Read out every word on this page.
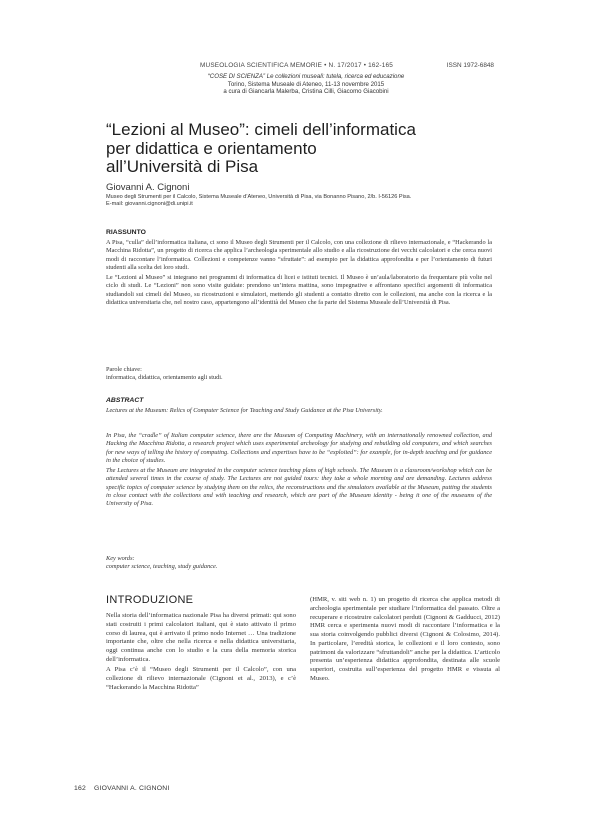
MUSEOLOGIA SCIENTIFICA MEMORIE • N. 17/2017 • 162-165	ISSN 1972-6848
“COSE DI SCIENZA” Le collezioni museali: tutela, ricerca ed educazione
Torino, Sistema Museale di Ateneo, 11-13 novembre 2015
a cura di Giancarla Malerba, Cristina Cilli, Giacomo Giacobini
“Lezioni al Museo”: cimeli dell’informatica
per didattica e orientamento
all’Università di Pisa
Giovanni A. Cignoni
Museo degli Strumenti per il Calcolo, Sistema Museale d’Ateneo, Università di Pisa, via Bonanno Pisano, 2/b. I-56126 Pisa.
E-mail: giovanni.cignoni@di.unipi.it
RIASSUNTO

A Pisa, “culla” dell’informatica italiana, ci sono il Museo degli Strumenti per il Calcolo, con una collezione di rilievo internazionale, e “Hackerando la Macchina Ridotta”, un progetto di ricerca che applica l’archeologia sperimentale allo studio e alla ricostruzione dei vecchi calcolatori e che cerca nuovi modi di raccontare l’informatica. Collezioni e competenze vanno “sfruttate”: ad esempio per la didattica approfondita e per l’orientamento di futuri studenti alla scelta dei loro studi.

Le “Lezioni al Museo” si integrano nei programmi di informatica di licei e istituti tecnici. Il Museo è un’aula/laboratorio da frequentare più volte nel ciclo di studi. Le “Lezioni” non sono visite guidate: prendono un’intera mattina, sono impegnative e affrontano specifici argomenti di informatica studiandoli sui cimeli del Museo, su ricostruzioni e simulatori, mettendo gli studenti a contatto diretto con le collezioni, ma anche con la ricerca e la didattica universitaria che, nel nostro caso, appartengono all’identità del Museo che fa parte del Sistema Museale dell’Università di Pisa.

Parole chiave:
informatica, didattica, orientamento agli studi.
ABSTRACT
Lectures at the Museum: Relics of Computer Science for Teaching and Study Guidance at the Pisa University.

In Pisa, the “cradle” of Italian computer science, there are the Museum of Computing Machinery, with an internationally renowned collection, and Hacking the Macchina Ridotta, a research project which uses experimental archeology for studying and rebuilding old computers, and which searches for new ways of telling the history of computing. Collections and expertises have to be “exploited”: for example, for in-depth teaching and for guidance in the choice of studies.

The Lectures at the Museum are integrated in the computer science teaching plans of high schools. The Museum is a classroom/workshop which can be attended several times in the course of study. The Lectures are not guided tours: they take a whole morning and are demanding. Lectures address specific topics of computer science by studying them on the relics, the reconstructions and the simulators available at the Museum, putting the students in close contact with the collections and with teaching and research, which are part of the Museum identity - being it one of the museums of the University of Pisa.

Key words:
computer science, teaching, study guidance.
INTRODUZIONE

Nella storia dell’informatica nazionale Pisa ha diversi primati: qui sono stati costruiti i primi calcolatori italiani, qui è stato attivato il primo corso di laurea, qui è arrivato il primo nodo Internet … Una tradizione importante che, oltre che nella ricerca e nella didattica universitaria, oggi continua anche con lo studio e la cura della memoria storica dell’informatica.

A Pisa c’è il “Museo degli Strumenti per il Calcolo”, con una collezione di rilievo internazionale (Cignoni et al., 2013), e c’è “Hackerando la Macchina Ridotta”

(HMR, v. siti web n. 1) un progetto di ricerca che applica metodi di archeologia sperimentale per studiare l’informatica del passato. Oltre a recuperare e ricostruire calcolatori perduti (Cignoni & Gadducci, 2012) HMR cerca e sperimenta nuovi modi di raccontare l’informatica e la sua storia coinvolgendo pubblici diversi (Cignoni & Colosimo, 2014). In particolare, l’eredità storica, le collezioni e il loro contesto, sono patrimoni da valorizzare “sfruttandoli” anche per la didattica. L’articolo presenta un’esperienza didattica approfondita, destinata alle scuole superiori, costruita sull’esperienza del progetto HMR e vissuta al Museo.

162 GIOVANNI A. CIGNONI
